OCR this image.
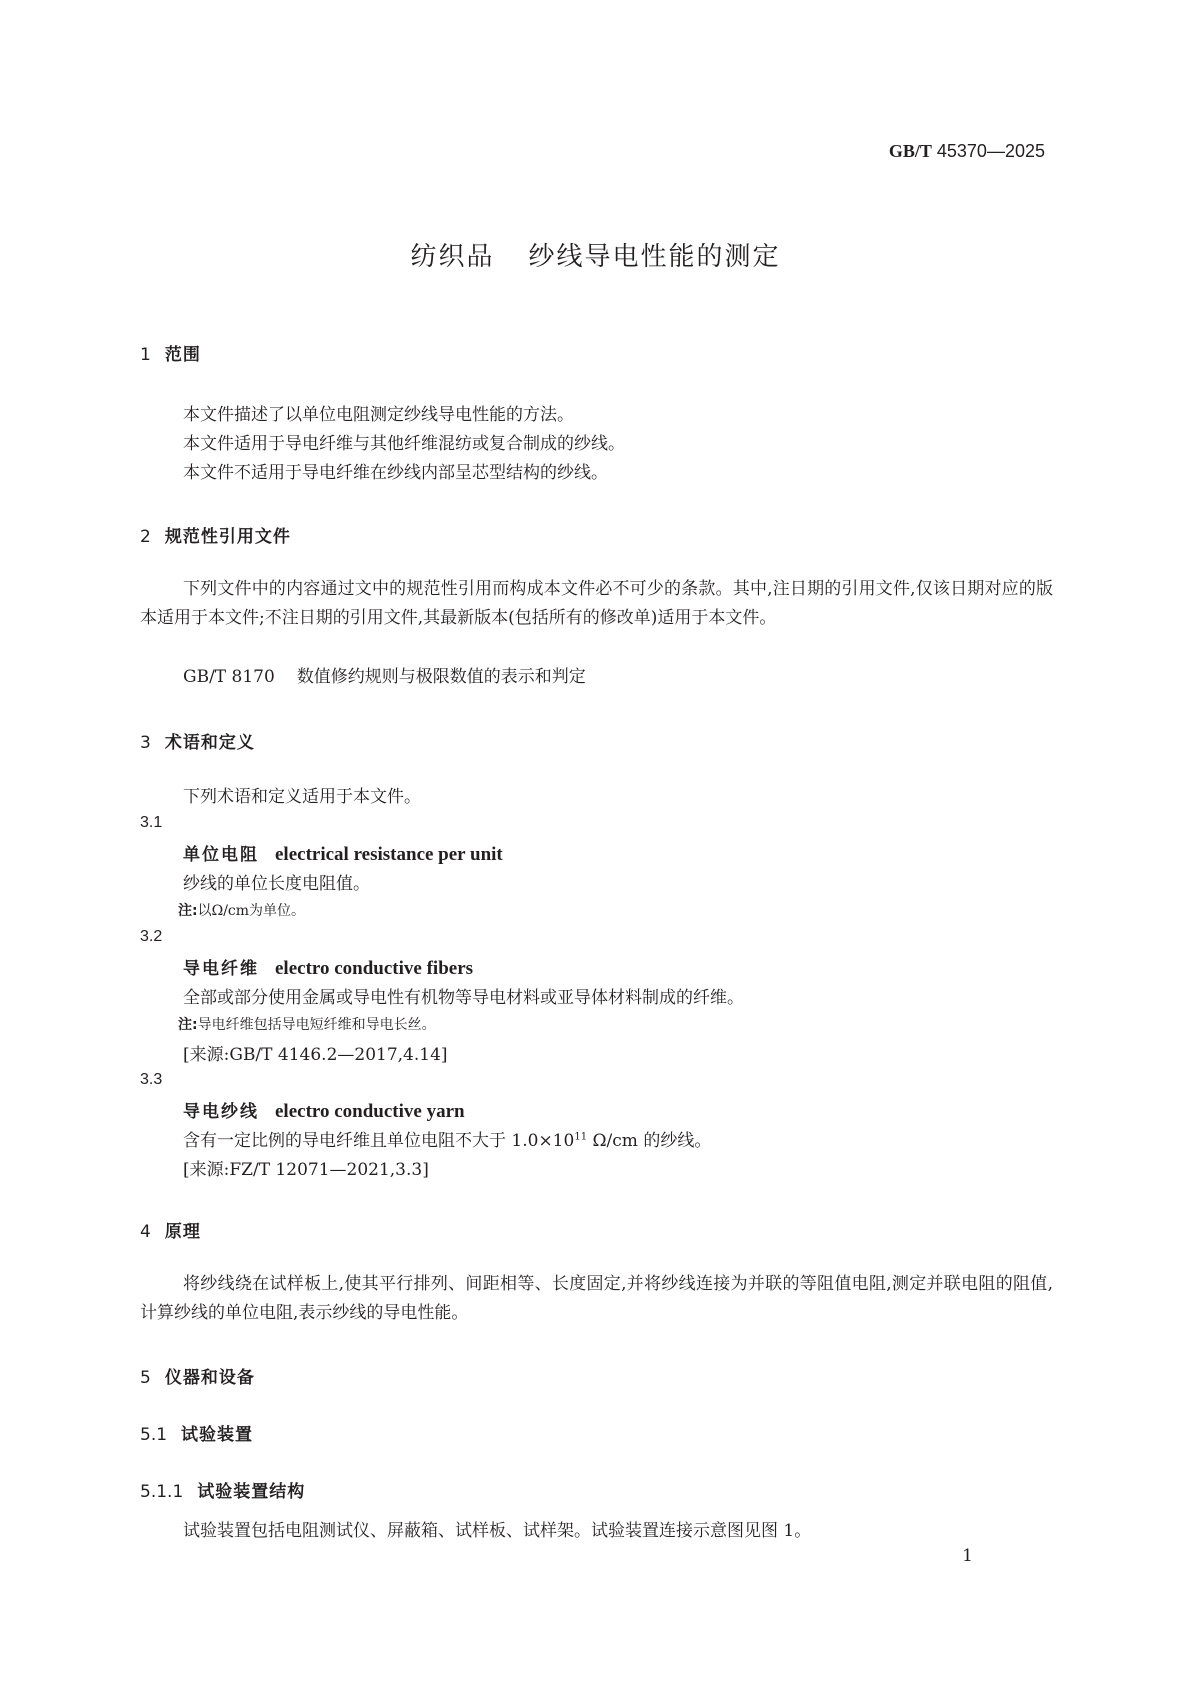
GB/T 45370—2025
纺织品 纱线导电性能的测定
1 范围
本文件描述了以单位电阻测定纱线导电性能的方法。
本文件适用于导电纤维与其他纤维混纺或复合制成的纱线。
本文件不适用于导电纤维在纱线内部呈芯型结构的纱线。
2 规范性引用文件
下列文件中的内容通过文中的规范性引用而构成本文件必不可少的条款。其中,注日期的引用文件,仅该日期对应的版本适用于本文件;不注日期的引用文件,其最新版本(包括所有的修改单)适用于本文件。
GB/T 8170 数值修约规则与极限数值的表示和判定
3 术语和定义
下列术语和定义适用于本文件。
3.1
单位电阻 electrical resistance per unit
纱线的单位长度电阻值。
注:以Ω/cm为单位。
3.2
导电纤维 electro conductive fibers
全部或部分使用金属或导电性有机物等导电材料或亚导体材料制成的纤维。
注:导电纤维包括导电短纤维和导电长丝。
[来源:GB/T 4146.2—2017,4.14]
3.3
导电纱线 electro conductive yarn
含有一定比例的导电纤维且单位电阻不大于 $1.0\times 10^{11}$ Ω/cm 的纱线。
[来源:FZ/T 12071—2021,3.3]
4 原理
将纱线绕在试样板上,使其平行排列、间距相等、长度固定,并将纱线连接为并联的等阻值电阻,测定并联电阻的阻值,计算纱线的单位电阻,表示纱线的导电性能。
5 仪器和设备
5.1 试验装置
5.1.1 试验装置结构
试验装置包括电阻测试仪、屏蔽箱、试样板、试样架。试验装置连接示意图见图 1。
1
